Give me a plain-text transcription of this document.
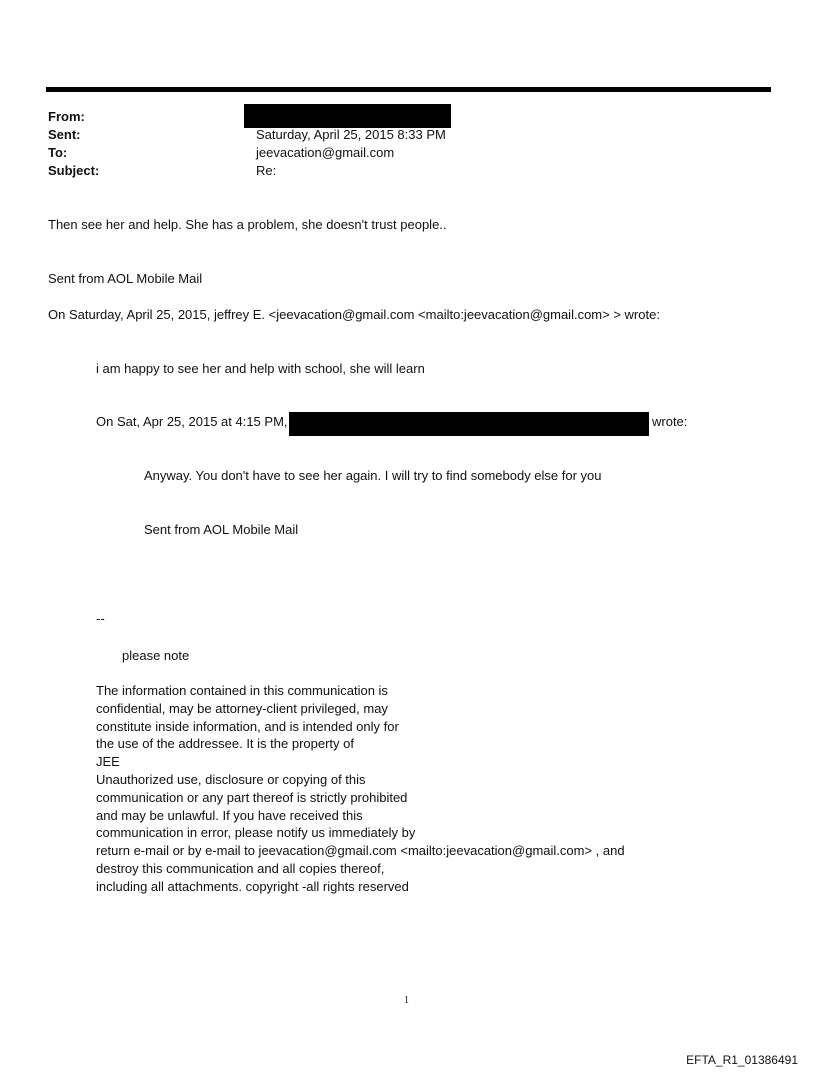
From:
Sent:
To:
Subject:
Saturday, April 25, 2015 8:33 PM
jeevacation@gmail.com
Re:
Then see her and help. She has a problem, she doesn't trust people..
Sent from AOL Mobile Mail
On Saturday, April 25, 2015, jeffrey E. <jeevacation@gmail.com <mailto:jeevacation@gmail.com> > wrote:
i am happy to see her and help with school, she will learn
On Sat, Apr 25, 2015 at 4:15 PM,	wrote:
Anyway. You don't have to see her again. I will try to find somebody else for you
Sent from AOL Mobile Mail
--
please note
The information contained in this communication is
confidential, may be attorney-client privileged, may
constitute inside information, and is intended only for
the use of the addressee. It is the property of
JEE
Unauthorized use, disclosure or copying of this
communication or any part thereof is strictly prohibited
and may be unlawful. If you have received this
communication in error, please notify us immediately by
return e-mail or by e-mail to jeevacation@gmail.com <mailto:jeevacation@gmail.com> , and
destroy this communication and all copies thereof,
including all attachments. copyright -all rights reserved
1
EFTA_R1_01386491
